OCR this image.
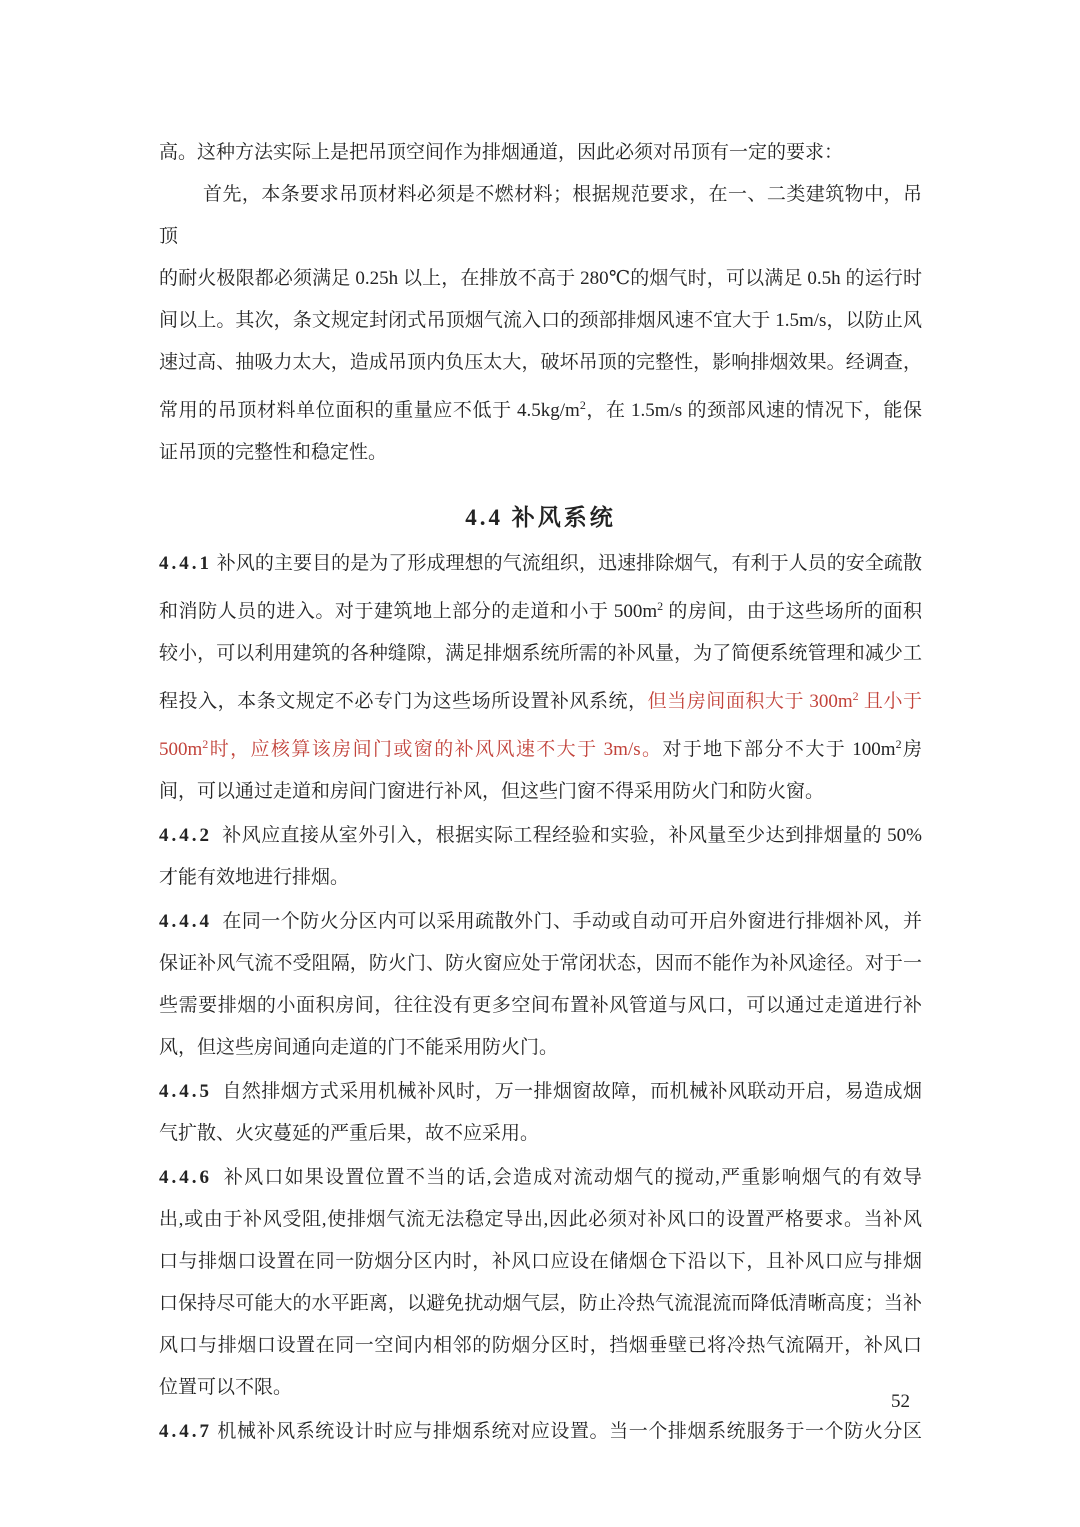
高。这种方法实际上是把吊顶空间作为排烟通道，因此必须对吊顶有一定的要求：
首先，本条要求吊顶材料必须是不燃材料；根据规范要求，在一、二类建筑物中，吊顶
的耐火极限都必须满足 0.25h 以上，在排放不高于 280℃的烟气时，可以满足 0.5h 的运行时
间以上。其次，条文规定封闭式吊顶烟气流入口的颈部排烟风速不宜大于 1.5m/s，以防止风
速过高、抽吸力太大，造成吊顶内负压太大，破坏吊顶的完整性，影响排烟效果。经调查，
常用的吊顶材料单位面积的重量应不低于 $4.5kg/m^2$，在 1.5m/s 的颈部风速的情况下，能保
证吊顶的完整性和稳定性。
4.4 补风系统
4.4.1 补风的主要目的是为了形成理想的气流组织，迅速排除烟气，有利于人员的安全疏散
和消防人员的进入。对于建筑地上部分的走道和小于 $500m^2$ 的房间，由于这些场所的面积
较小，可以利用建筑的各种缝隙，满足排烟系统所需的补风量，为了简便系统管理和减少工
程投入，本条文规定不必专门为这些场所设置补风系统，但当房间面积大于 $300m^2$ 且小于
$500m^2$时，应核算该房间门或窗的补风风速不大于 3m/s。对于地下部分不大于 $100m^2$房
间，可以通过走道和房间门窗进行补风，但这些门窗不得采用防火门和防火窗。
4.4.2  补风应直接从室外引入，根据实际工程经验和实验，补风量至少达到排烟量的 50%
才能有效地进行排烟。
4.4.4  在同一个防火分区内可以采用疏散外门、手动或自动可开启外窗进行排烟补风，并
保证补风气流不受阻隔，防火门、防火窗应处于常闭状态，因而不能作为补风途径。对于一
些需要排烟的小面积房间，往往没有更多空间布置补风管道与风口，可以通过走道进行补
风，但这些房间通向走道的门不能采用防火门。
4.4.5  自然排烟方式采用机械补风时，万一排烟窗故障，而机械补风联动开启，易造成烟
气扩散、火灾蔓延的严重后果，故不应采用。
4.4.6  补风口如果设置位置不当的话,会造成对流动烟气的搅动,严重影响烟气的有效导
出,或由于补风受阻,使排烟气流无法稳定导出,因此必须对补风口的设置严格要求。当补风
口与排烟口设置在同一防烟分区内时，补风口应设在储烟仓下沿以下，且补风口应与排烟
口保持尽可能大的水平距离，以避免扰动烟气层，防止冷热气流混流而降低清晰高度；当补
风口与排烟口设置在同一空间内相邻的防烟分区时，挡烟垂壁已将冷热气流隔开，补风口
位置可以不限。
4.4.7 机械补风系统设计时应与排烟系统对应设置。当一个排烟系统服务于一个防火分区
52
